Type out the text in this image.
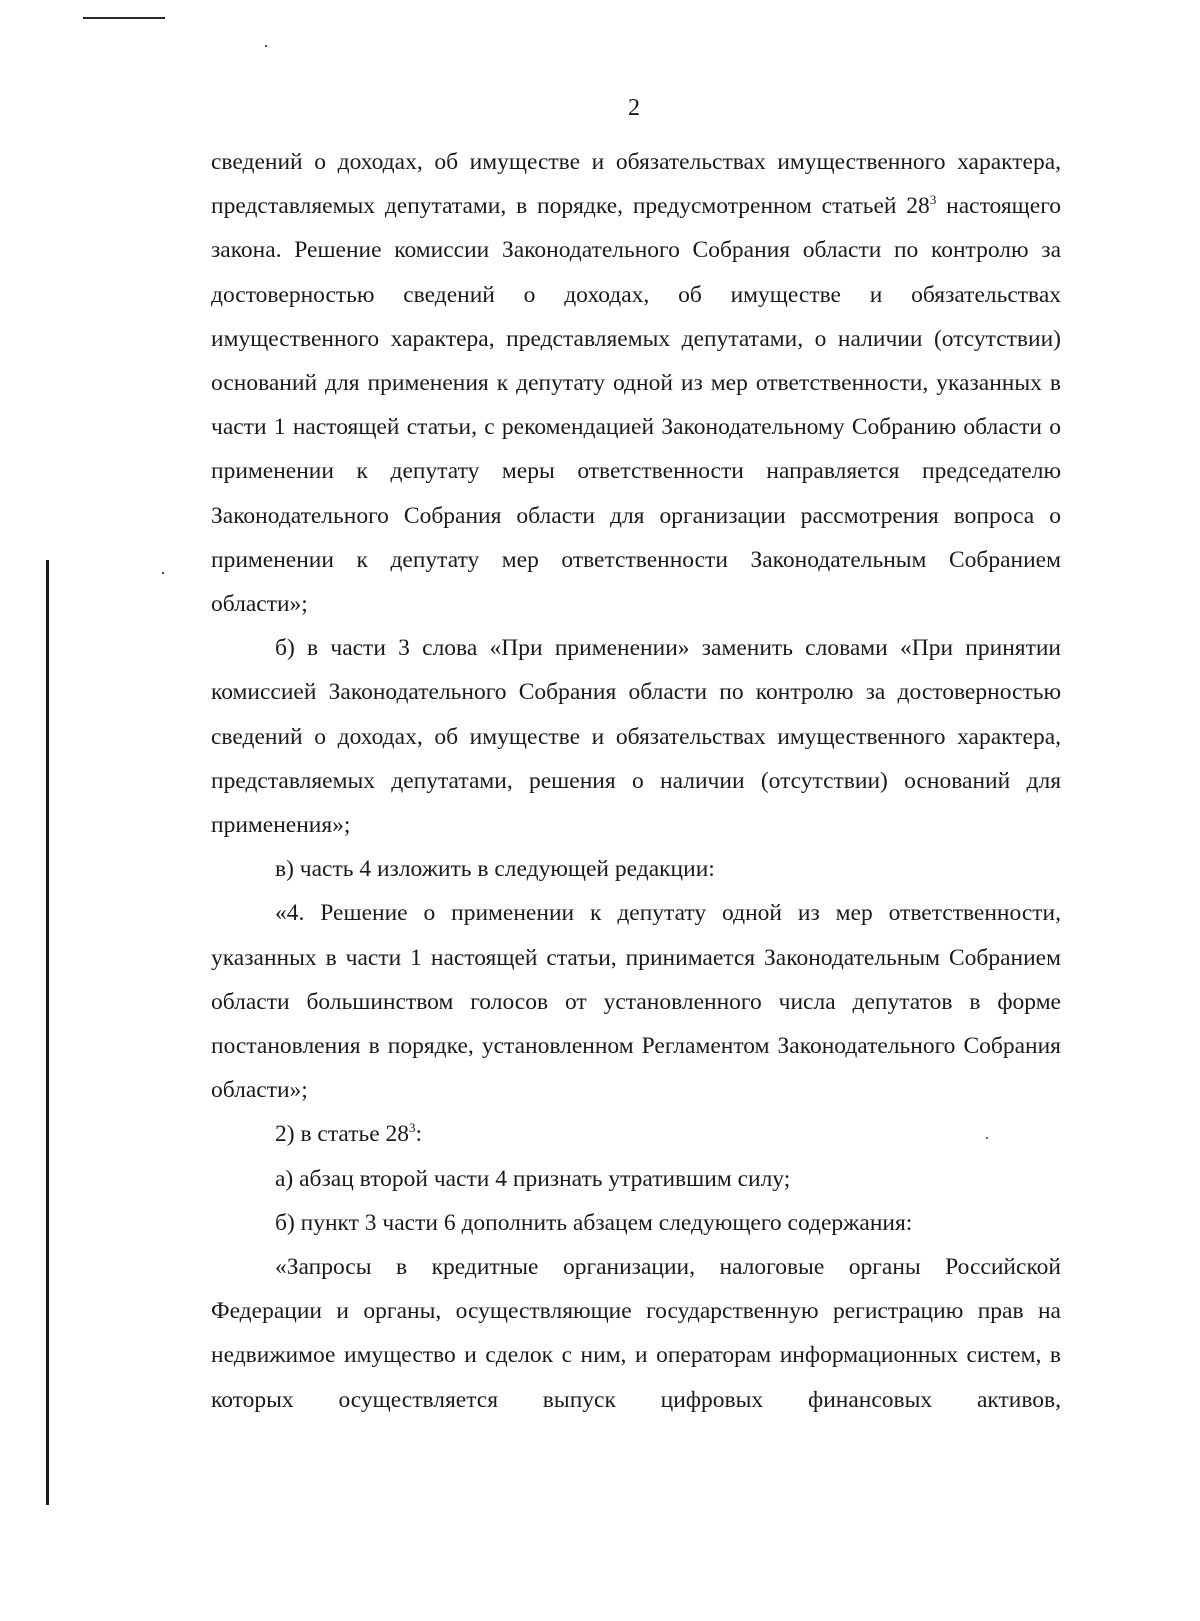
2

сведений о доходах, об имуществе и обязательствах имущественного характера, представляемых депутатами, в порядке, предусмотренном статьей $28^3$ настоящего закона. Решение комиссии Законодательного Собрания области по контролю за достоверностью сведений о доходах, об имуществе и обязательствах имущественного характера, представляемых депутатами, о наличии (отсутствии) оснований для применения к депутату одной из мер ответственности, указанных в части 1 настоящей статьи, с рекомендацией Законодательному Собранию области о применении к депутату меры ответственности направляется председателю Законодательного Собрания области для организации рассмотрения вопроса о применении к депутату мер ответственности Законодательным Собранием области»;

б) в части 3 слова «При применении» заменить словами «При принятии комиссией Законодательного Собрания области по контролю за достоверностью сведений о доходах, об имуществе и обязательствах имущественного характера, представляемых депутатами, решения о наличии (отсутствии) оснований для применения»;

в) часть 4 изложить в следующей редакции:

«4. Решение о применении к депутату одной из мер ответственности, указанных в части 1 настоящей статьи, принимается Законодательным Собранием области большинством голосов от установленного числа депутатов в форме постановления в порядке, установленном Регламентом Законодательного Собрания области»;

2) в статье $28^3$:

а) абзац второй части 4 признать утратившим силу;

б) пункт 3 части 6 дополнить абзацем следующего содержания:

«Запросы в кредитные организации, налоговые органы Российской Федерации и органы, осуществляющие государственную регистрацию прав на недвижимое имущество и сделок с ним, и операторам информационных систем, в которых осуществляется выпуск цифровых финансовых активов,
